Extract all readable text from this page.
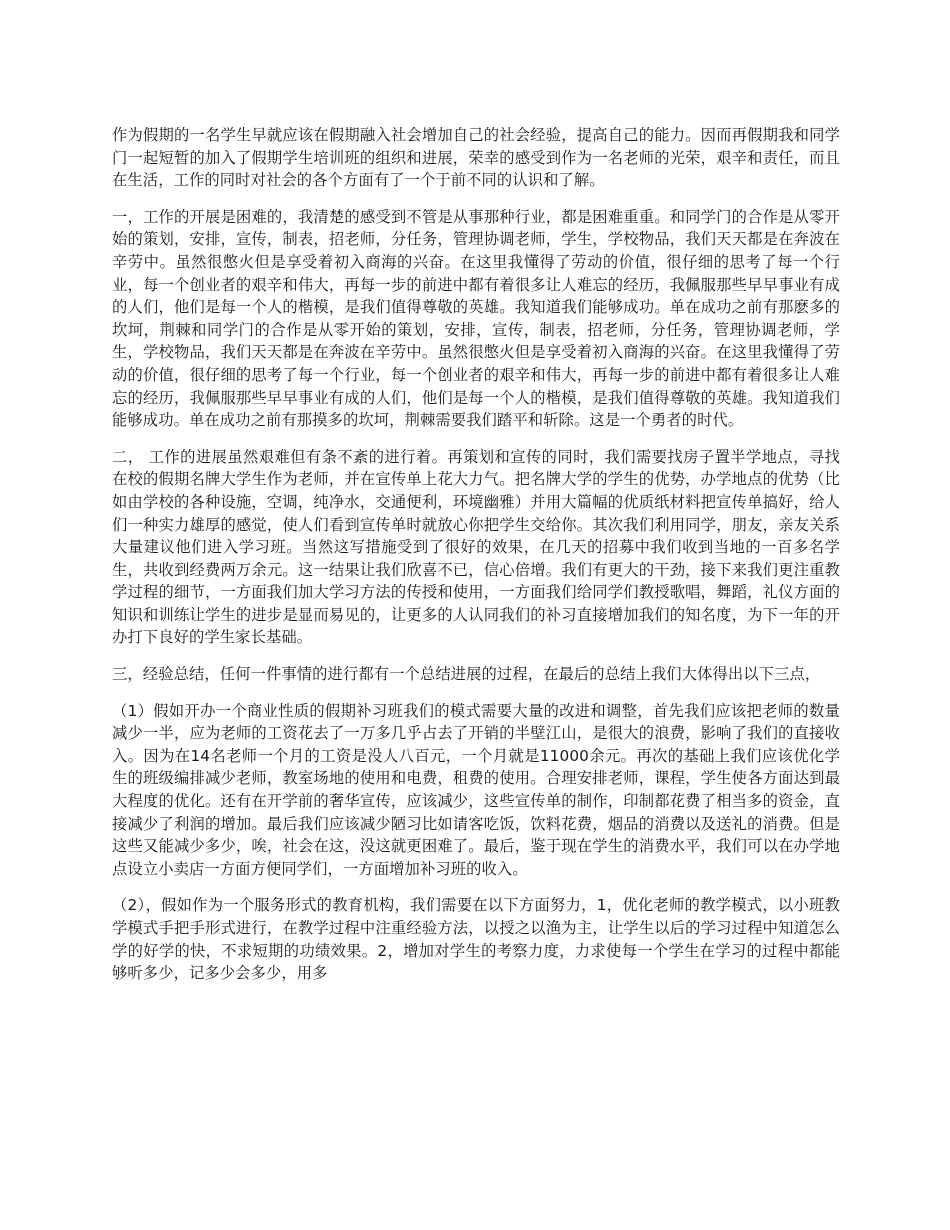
作为假期的一名学生早就应该在假期融入社会增加自己的社会经验，提高自己的能力。因而再假期我和同学门一起短暂的加入了假期学生培训班的组织和进展，荣幸的感受到作为一名老师的光荣，艰辛和责任，而且在生活，工作的同时对社会的各个方面有了一个于前不同的认识和了解。

一，工作的开展是困难的，我清楚的感受到不管是从事那种行业，都是困难重重。和同学门的合作是从零开始的策划，安排，宣传，制表，招老师，分任务，管理协调老师，学生，学校物品，我们天天都是在奔波在辛劳中。虽然很憋火但是享受着初入商海的兴奋。在这里我懂得了劳动的价值，很仔细的思考了每一个行业，每一个创业者的艰辛和伟大，再每一步的前进中都有着很多让人难忘的经历，我佩服那些早早事业有成的人们，他们是每一个人的楷模，是我们值得尊敬的英雄。我知道我们能够成功。单在成功之前有那麽多的坎坷，荆棘和同学门的合作是从零开始的策划，安排，宣传，制表，招老师，分任务，管理协调老师，学生，学校物品，我们天天都是在奔波在辛劳中。虽然很憋火但是享受着初入商海的兴奋。在这里我懂得了劳动的价值，很仔细的思考了每一个行业，每一个创业者的艰辛和伟大，再每一步的前进中都有着很多让人难忘的经历，我佩服那些早早事业有成的人们，他们是每一个人的楷模，是我们值得尊敬的英雄。我知道我们能够成功。单在成功之前有那摸多的坎坷，荆棘需要我们踏平和斩除。这是一个勇者的时代。

二， 工作的进展虽然艰难但有条不紊的进行着。再策划和宣传的同时，我们需要找房子置半学地点，寻找在校的假期名牌大学生作为老师，并在宣传单上花大力气。把名牌大学的学生的优势，办学地点的优势（比如由学校的各种设施，空调，纯净水，交通便利，环境幽雅）并用大篇幅的优质纸材料把宣传单搞好，给人们一种实力雄厚的感觉，使人们看到宣传单时就放心你把学生交给你。其次我们利用同学，朋友，亲友关系大量建议他们进入学习班。当然这写措施受到了很好的效果，在几天的招募中我们收到当地的一百多名学生，共收到经费两万余元。这一结果让我们欣喜不已，信心倍增。我们有更大的干劲，接下来我们更注重教学过程的细节，一方面我们加大学习方法的传授和使用，一方面我们给同学们教授歌唱，舞蹈，礼仪方面的知识和训练让学生的进步是显而易见的，让更多的人认同我们的补习直接增加我们的知名度，为下一年的开办打下良好的学生家长基础。

三，经验总结，任何一件事情的进行都有一个总结进展的过程，在最后的总结上我们大体得出以下三点，

（1）假如开办一个商业性质的假期补习班我们的模式需要大量的改进和调整，首先我们应该把老师的数量减少一半，应为老师的工资花去了一万多几乎占去了开销的半壁江山，是很大的浪费，影响了我们的直接收入。因为在14名老师一个月的工资是没人八百元，一个月就是11000余元。再次的基础上我们应该优化学生的班级编排减少老师，教室场地的使用和电费，租费的使用。合理安排老师，课程，学生使各方面达到最大程度的优化。还有在开学前的奢华宣传，应该减少，这些宣传单的制作，印制都花费了相当多的资金，直接减少了利润的增加。最后我们应该减少陋习比如请客吃饭，饮料花费，烟品的消费以及送礼的消费。但是这些又能减少多少，唉，社会在这，没这就更困难了。最后，鉴于现在学生的消费水平，我们可以在办学地点设立小卖店一方面方便同学们，一方面增加补习班的收入。

（2），假如作为一个服务形式的教育机构，我们需要在以下方面努力，1，优化老师的教学模式，以小班教学模式手把手形式进行，在教学过程中注重经验方法，以授之以渔为主，让学生以后的学习过程中知道怎么学的好学的快，不求短期的功绩效果。2，增加对学生的考察力度，力求使每一个学生在学习的过程中都能够听多少，记多少会多少，用多
